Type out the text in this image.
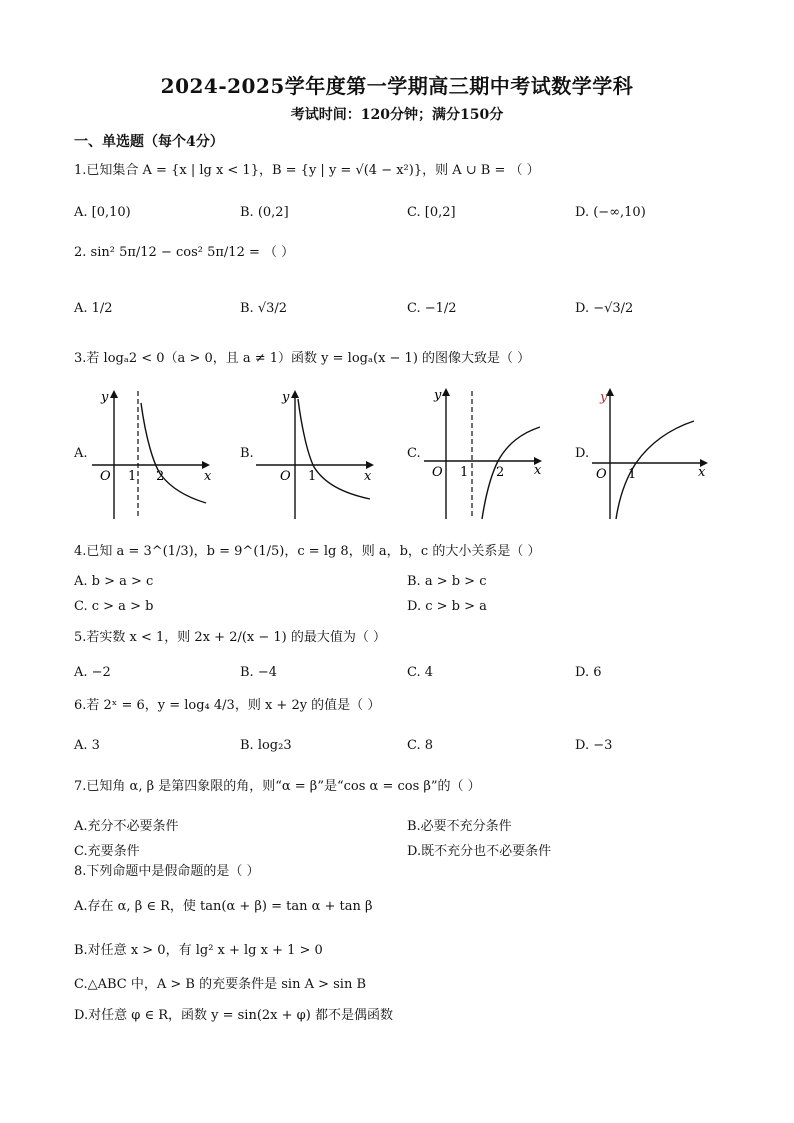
2024-2025学年度第一学期高三期中考试数学学科
考试时间：120分钟；满分150分
一、单选题（每个4分）
1.已知集合 A = {x | lg x < 1}，B = {y | y = √(4 − x²)}，则 A ∪ B = （ ）
A. [0,10)	B. (0,2]	C. [0,2]	D. (−∞,10)
2. sin² 5π/12 − cos² 5π/12 = （ ）
A. 1/2	B. √3/2	C. −1/2	D. −√3/2
3.若 logₐ2 < 0（a > 0，且 a ≠ 1）函数 y = logₐ(x − 1) 的图像大致是（ ）
A.
y
O	x
1 2
B.
y
O	x
1
C.
y
O	x
1 2
D.
y
O	x
1
4.已知 a = 3^(1/3)，b = 9^(1/5)，c = lg 8，则 a，b，c 的大小关系是（ ）
A. b > a > c	B. a > b > c
C. c > a > b	D. c > b > a
5.若实数 x < 1，则 2x + 2/(x − 1) 的最大值为（ ）
A. −2	B. −4	C. 4	D. 6
6.若 2ˣ = 6，y = log₄ 4/3，则 x + 2y 的值是（ ）
A. 3	B. log₂3	C. 8	D. −3
7.已知角 α, β 是第四象限的角，则“α = β”是“cos α = cos β”的（ ）
A.充分不必要条件	B.必要不充分条件
C.充要条件	D.既不充分也不必要条件
8.下列命题中是假命题的是（ ）
A.存在 α, β ∈ R，使 tan(α + β) = tan α + tan β
B.对任意 x > 0，有 lg² x + lg x + 1 > 0
C.△ABC 中，A > B 的充要条件是 sin A > sin B
D.对任意 φ ∈ R，函数 y = sin(2x + φ) 都不是偶函数
